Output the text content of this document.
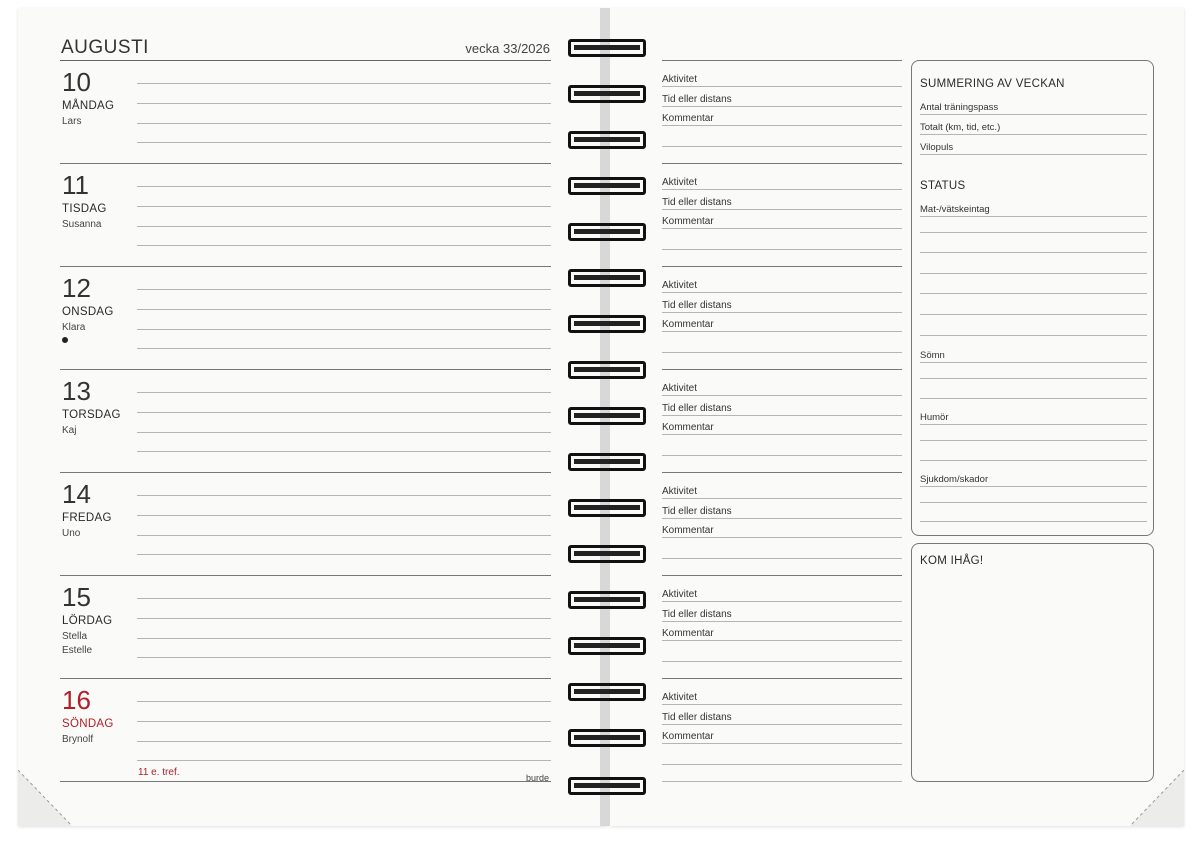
AUGUSTI	vecka 33/2026
10
MÅNDAG
Lars
11
TISDAG
Susanna
12
ONSDAG
Klara
13
TORSDAG
Kaj
14
FREDAG
Uno
15
LÖRDAG
Stella
Estelle
16
SÖNDAG
Brynolf
11 e. tref.	burde
Aktivitet
Tid eller distans
Kommentar
Aktivitet
Tid eller distans
Kommentar
Aktivitet
Tid eller distans
Kommentar
Aktivitet
Tid eller distans
Kommentar
Aktivitet
Tid eller distans
Kommentar
Aktivitet
Tid eller distans
Kommentar
Aktivitet
Tid eller distans
Kommentar
SUMMERING AV VECKAN
Antal träningspass
Totalt (km, tid, etc.)
Vilopuls
STATUS
Mat-/vätskeintag
Sömn
Humör
Sjukdom/skador
KOM IHÅG!
